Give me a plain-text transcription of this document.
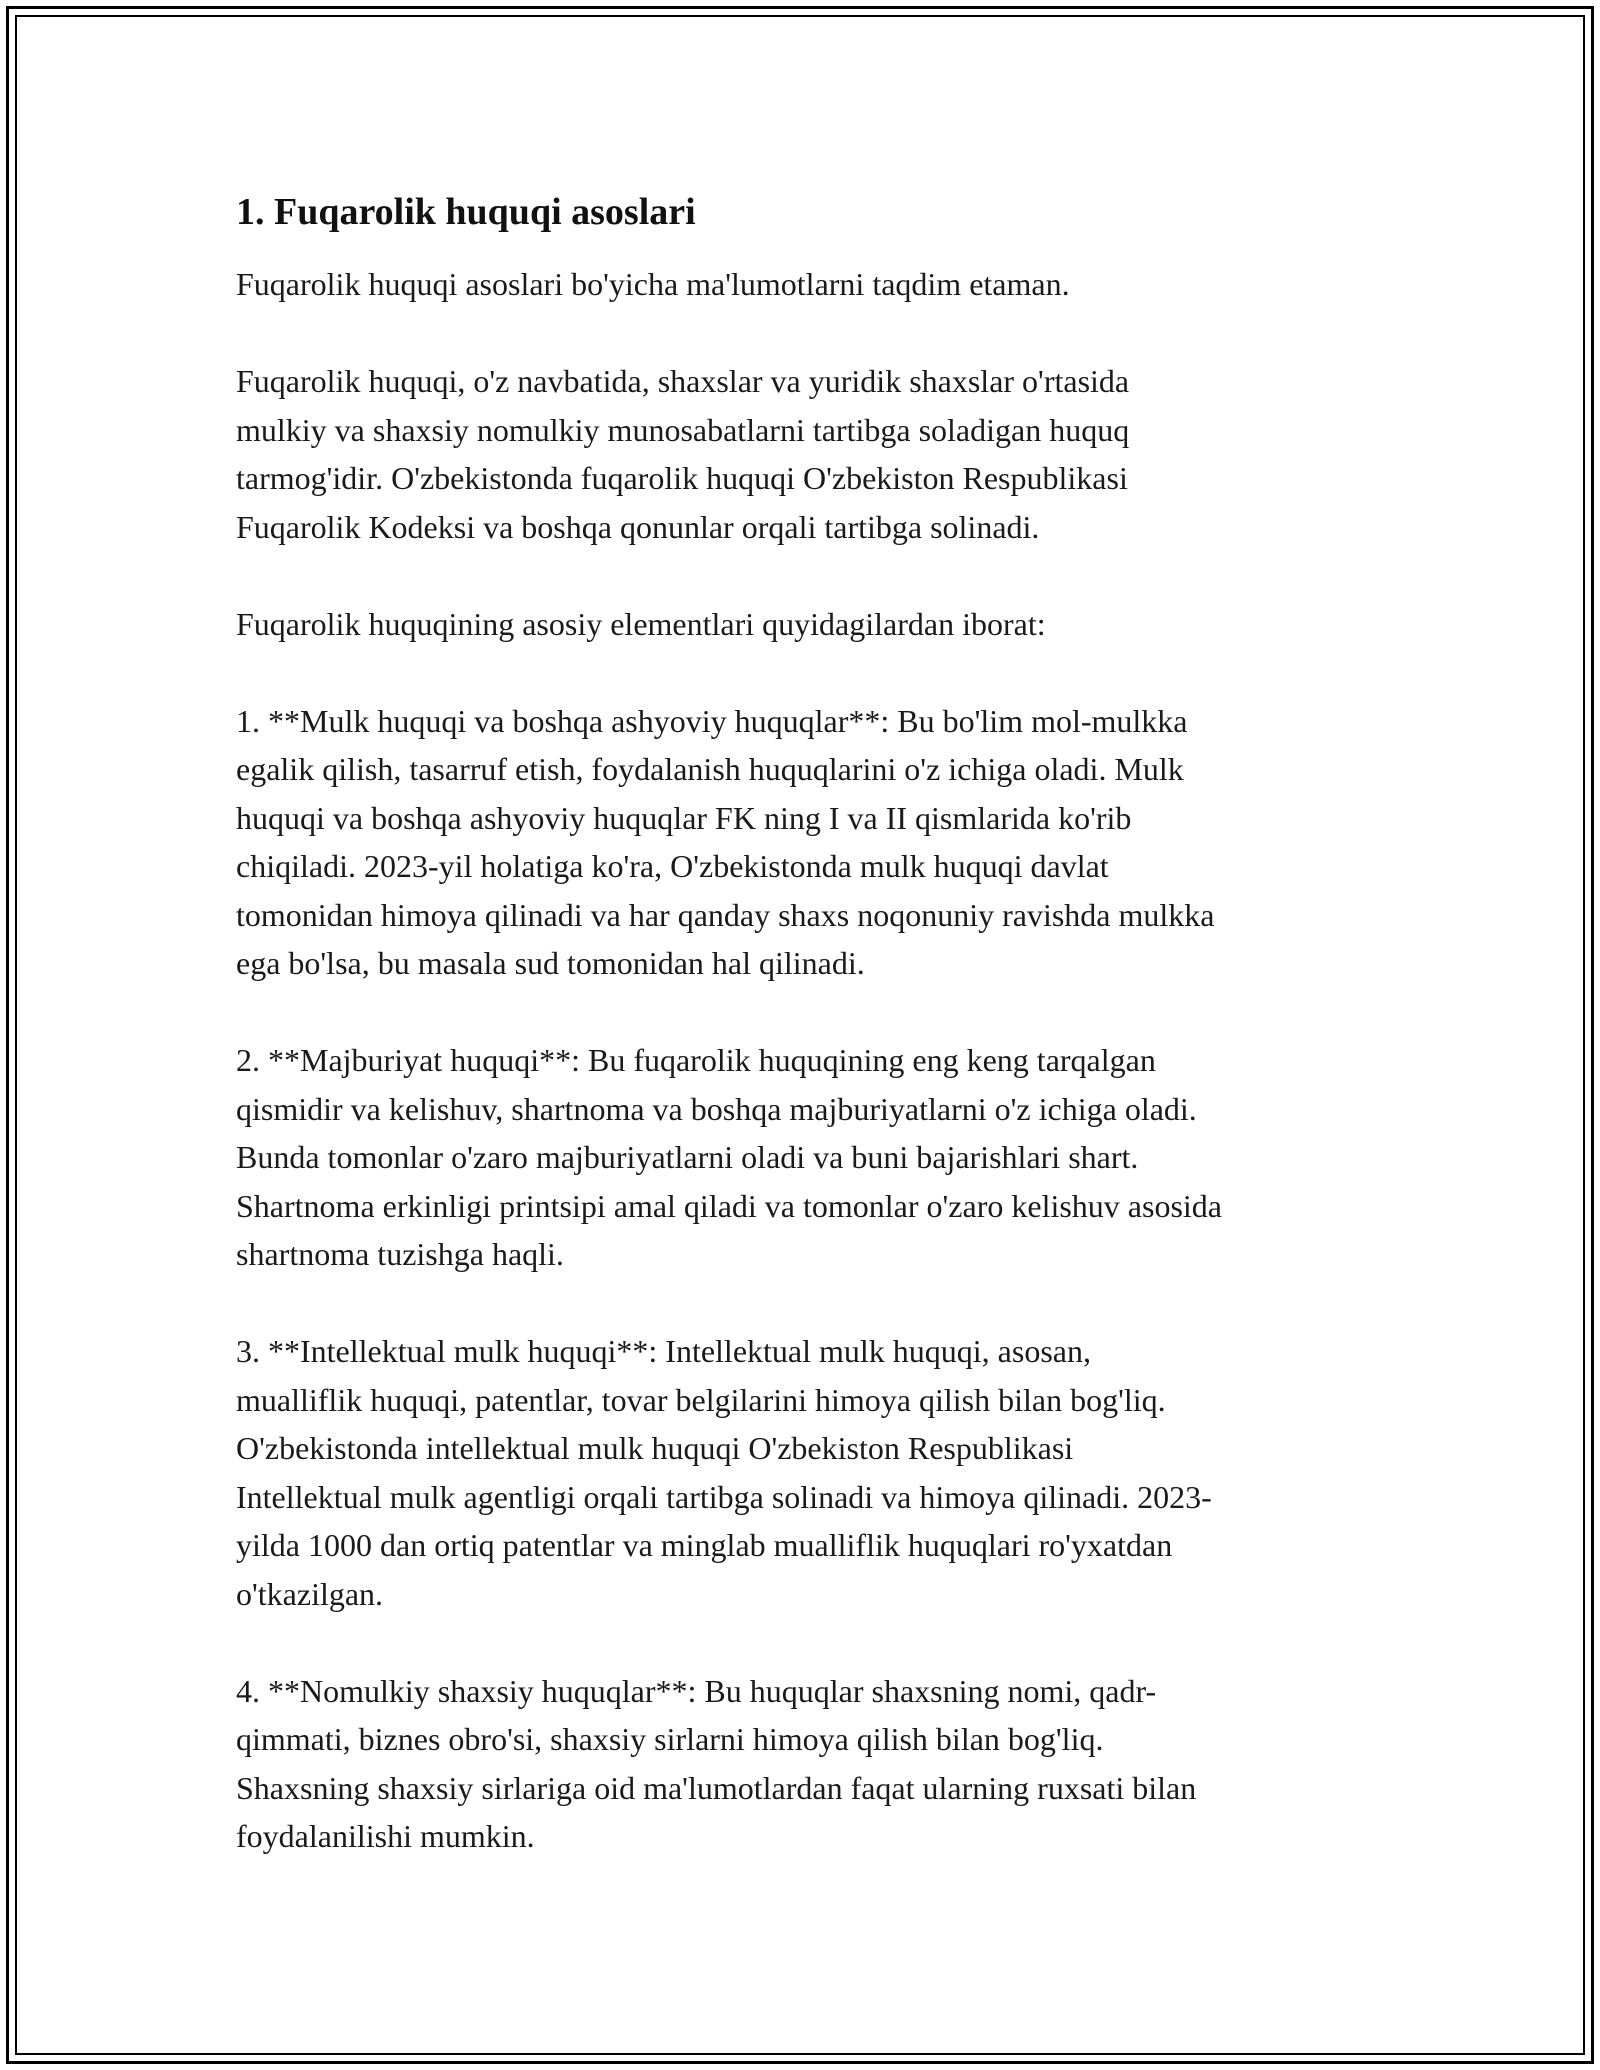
1. Fuqarolik huquqi asoslari

Fuqarolik huquqi asoslari bo'yicha ma'lumotlarni taqdim etaman.

Fuqarolik huquqi, o'z navbatida, shaxslar va yuridik shaxslar o'rtasida
mulkiy va shaxsiy nomulkiy munosabatlarni tartibga soladigan huquq
tarmog'idir. O'zbekistonda fuqarolik huquqi O'zbekiston Respublikasi
Fuqarolik Kodeksi va boshqa qonunlar orqali tartibga solinadi.

Fuqarolik huquqining asosiy elementlari quyidagilardan iborat:

1. **Mulk huquqi va boshqa ashyoviy huquqlar**: Bu bo'lim mol-mulkka
egalik qilish, tasarruf etish, foydalanish huquqlarini o'z ichiga oladi. Mulk
huquqi va boshqa ashyoviy huquqlar FK ning I va II qismlarida ko'rib
chiqiladi. 2023-yil holatiga ko'ra, O'zbekistonda mulk huquqi davlat
tomonidan himoya qilinadi va har qanday shaxs noqonuniy ravishda mulkka
ega bo'lsa, bu masala sud tomonidan hal qilinadi.

2. **Majburiyat huquqi**: Bu fuqarolik huquqining eng keng tarqalgan
qismidir va kelishuv, shartnoma va boshqa majburiyatlarni o'z ichiga oladi.
Bunda tomonlar o'zaro majburiyatlarni oladi va buni bajarishlari shart.
Shartnoma erkinligi printsipi amal qiladi va tomonlar o'zaro kelishuv asosida
shartnoma tuzishga haqli.

3. **Intellektual mulk huquqi**: Intellektual mulk huquqi, asosan,
mualliflik huquqi, patentlar, tovar belgilarini himoya qilish bilan bog'liq.
O'zbekistonda intellektual mulk huquqi O'zbekiston Respublikasi
Intellektual mulk agentligi orqali tartibga solinadi va himoya qilinadi. 2023-
yilda 1000 dan ortiq patentlar va minglab mualliflik huquqlari ro'yxatdan
o'tkazilgan.

4. **Nomulkiy shaxsiy huquqlar**: Bu huquqlar shaxsning nomi, qadr-
qimmati, biznes obro'si, shaxsiy sirlarni himoya qilish bilan bog'liq.
Shaxsning shaxsiy sirlariga oid ma'lumotlardan faqat ularning ruxsati bilan
foydalanilishi mumkin.
